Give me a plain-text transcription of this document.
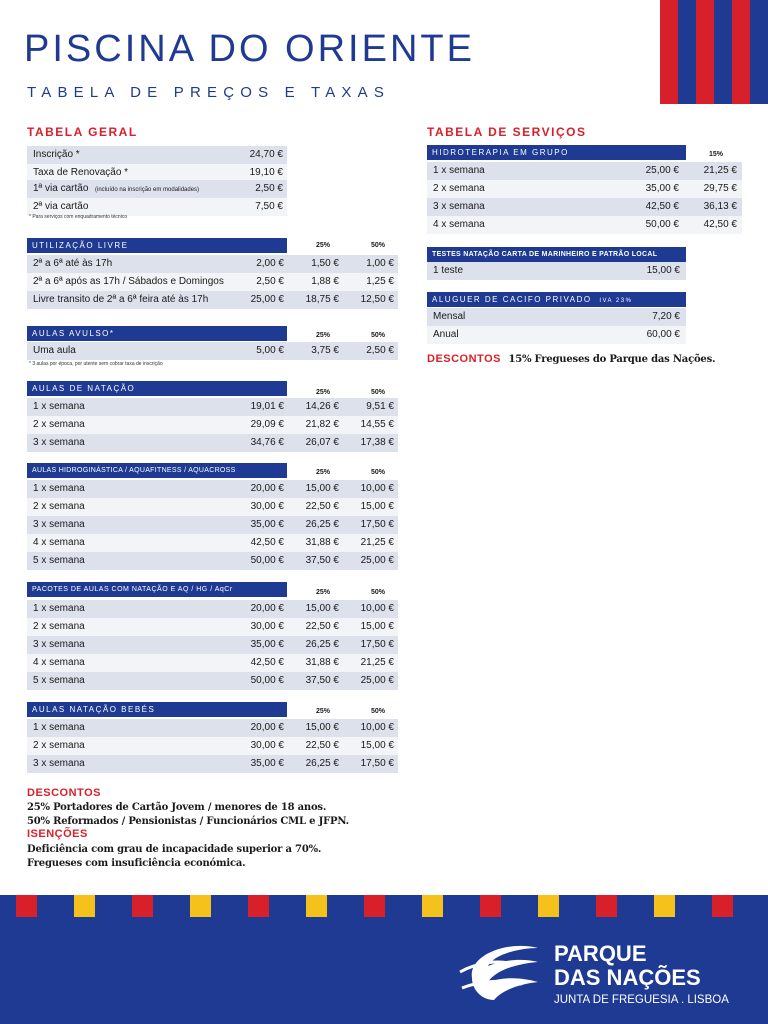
PISCINA DO ORIENTE
TABELA DE PREÇOS E TAXAS
TABELA GERAL
Inscrição *	24,70 €
Taxa de Renovação *	19,10 €
1ª via cartão (incluído na inscrição em modalidades)	2,50 €
2ª via cartão	7,50 €
* Para serviços com enquadramento técnico
UTILIZAÇÃO LIVRE	25%	50%
2ª a 6ª até às 17h	2,00 €	1,50 €	1,00 €
2ª a 6ª após as 17h / Sábados e Domingos	2,50 €	1,88 €	1,25 €
Livre transito de 2ª a 6ª feira até às 17h	25,00 € 18,75 € 12,50 €
AULAS AVULSO*	25%	50%
Uma aula	5,00 €	3,75 €	2,50 €
* 3 aulas por época, por utente sem cobrar taxa de inscrição
AULAS DE NATAÇÃO	25%	50%
1 x semana	19,01 € 14,26 €	9,51 €
2 x semana	29,09 € 21,82 € 14,55 €
3 x semana	34,76 € 26,07 € 17,38 €
AULAS HIDROGINÁSTICA / AQUAFITNESS / AQUACROSS	25%	50%
1 x semana	20,00 € 15,00 € 10,00 €
2 x semana	30,00 € 22,50 € 15,00 €
3 x semana	35,00 € 26,25 € 17,50 €
4 x semana	42,50 € 31,88 € 21,25 €
5 x semana	50,00 € 37,50 € 25,00 €
PACOTES DE AULAS COM NATAÇÃO E AQ / HG / AqCr	25%	50%
1 x semana	20,00 € 15,00 € 10,00 €
2 x semana	30,00 € 22,50 € 15,00 €
3 x semana	35,00 € 26,25 € 17,50 €
4 x semana	42,50 € 31,88 € 21,25 €
5 x semana	50,00 € 37,50 € 25,00 €
AULAS NATAÇÃO BEBÉS	25%	50%
1 x semana	20,00 € 15,00 € 10,00 €
2 x semana	30,00 € 22,50 € 15,00 €
3 x semana	35,00 € 26,25 € 17,50 €
DESCONTOS
25% Portadores de Cartão Jovem / menores de 18 anos.
50% Reformados / Pensionistas / Funcionários CML e JFPN.
ISENÇÕES
Deficiência com grau de incapacidade superior a 70%.
Fregueses com insuficiência económica.
TABELA DE SERVIÇOS
HIDROTERAPIA EM GRUPO	15%
1 x semana	25,00 € 21,25 €
2 x semana	35,00 € 29,75 €
3 x semana	42,50 € 36,13 €
4 x semana	50,00 € 42,50 €
TESTES NATAÇÃO CARTA DE MARINHEIRO E PATRÃO LOCAL
1 teste	15,00 €
ALUGUER DE CACIFO PRIVADO IVA 23%
Mensal	7,20 €
Anual	60,00 €
DESCONTOS 15% Fregueses do Parque das Nações.
PARQUE
DAS NAÇÕES
JUNTA DE FREGUESIA . LISBOA
